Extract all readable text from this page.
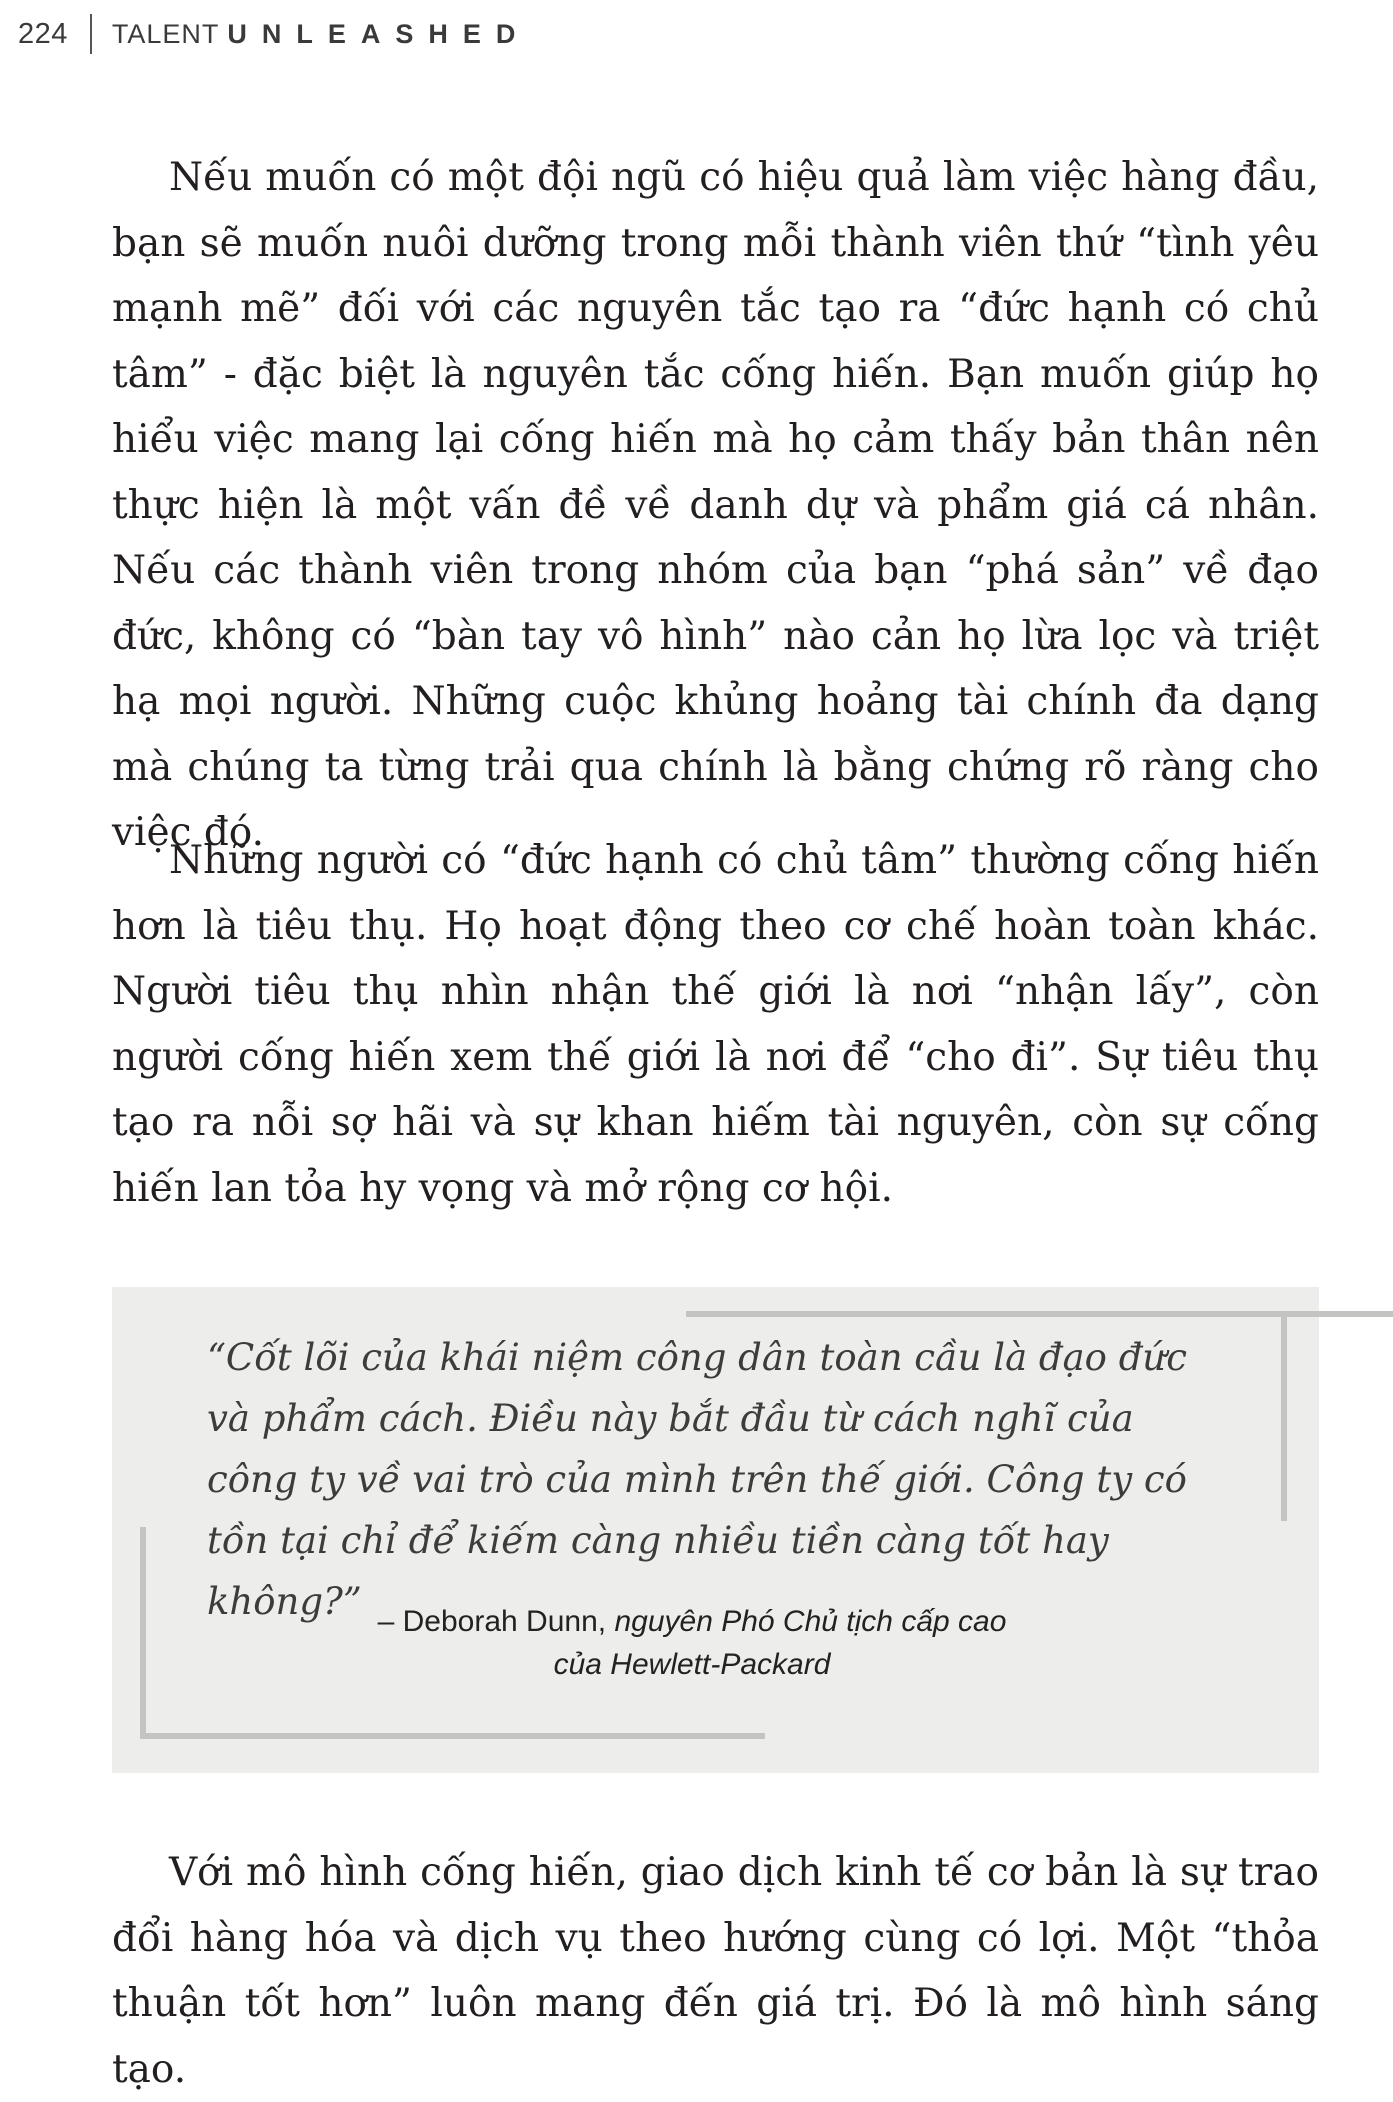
224 TALENT UNLEASHED

Nếu muốn có một đội ngũ có hiệu quả làm việc hàng đầu, bạn sẽ muốn nuôi dưỡng trong mỗi thành viên thứ “tình yêu mạnh mẽ” đối với các nguyên tắc tạo ra “đức hạnh có chủ tâm” - đặc biệt là nguyên tắc cống hiến. Bạn muốn giúp họ hiểu việc mang lại cống hiến mà họ cảm thấy bản thân nên thực hiện là một vấn đề về danh dự và phẩm giá cá nhân. Nếu các thành viên trong nhóm của bạn “phá sản” về đạo đức, không có “bàn tay vô hình” nào cản họ lừa lọc và triệt hạ mọi người. Những cuộc khủng hoảng tài chính đa dạng mà chúng ta từng trải qua chính là bằng chứng rõ ràng cho việc đó.

Những người có “đức hạnh có chủ tâm” thường cống hiến hơn là tiêu thụ. Họ hoạt động theo cơ chế hoàn toàn khác. Người tiêu thụ nhìn nhận thế giới là nơi “nhận lấy”, còn người cống hiến xem thế giới là nơi để “cho đi”. Sự tiêu thụ tạo ra nỗi sợ hãi và sự khan hiếm tài nguyên, còn sự cống hiến lan tỏa hy vọng và mở rộng cơ hội.

“Cốt lõi của khái niệm công dân toàn cầu là đạo đức và phẩm cách. Điều này bắt đầu từ cách nghĩ của công ty về vai trò của mình trên thế giới. Công ty có tồn tại chỉ để kiếm càng nhiều tiền càng tốt hay không?” – Deborah Dunn, nguyên Phó Chủ tịch cấp cao
của Hewlett-Packard

Với mô hình cống hiến, giao dịch kinh tế cơ bản là sự trao đổi hàng hóa và dịch vụ theo hướng cùng có lợi. Một “thỏa thuận tốt hơn” luôn mang đến giá trị. Đó là mô hình sáng tạo.
